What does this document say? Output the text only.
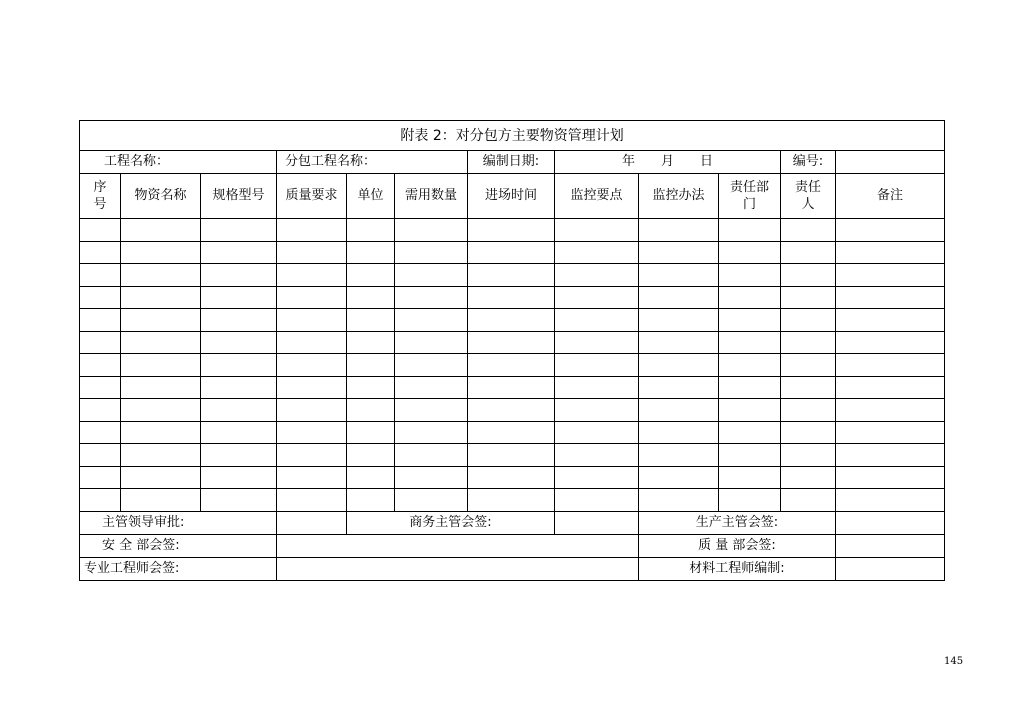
附表 2：对分包方主要物资管理计划											
工程名称：			分包工程名称：			编制日期:	年　　月　　日			编号:	
序号	物资名称	规格型号	质量要求	单位	需用数量	进场时间	监控要点	监控办法	责任部门	责任人	备注

主管领导审批:				商务主管会签:				生产主管会签:			
安 全 部会签:								质 量 部会签:			
专业工程师会签:								材料工程师编制:			
145
